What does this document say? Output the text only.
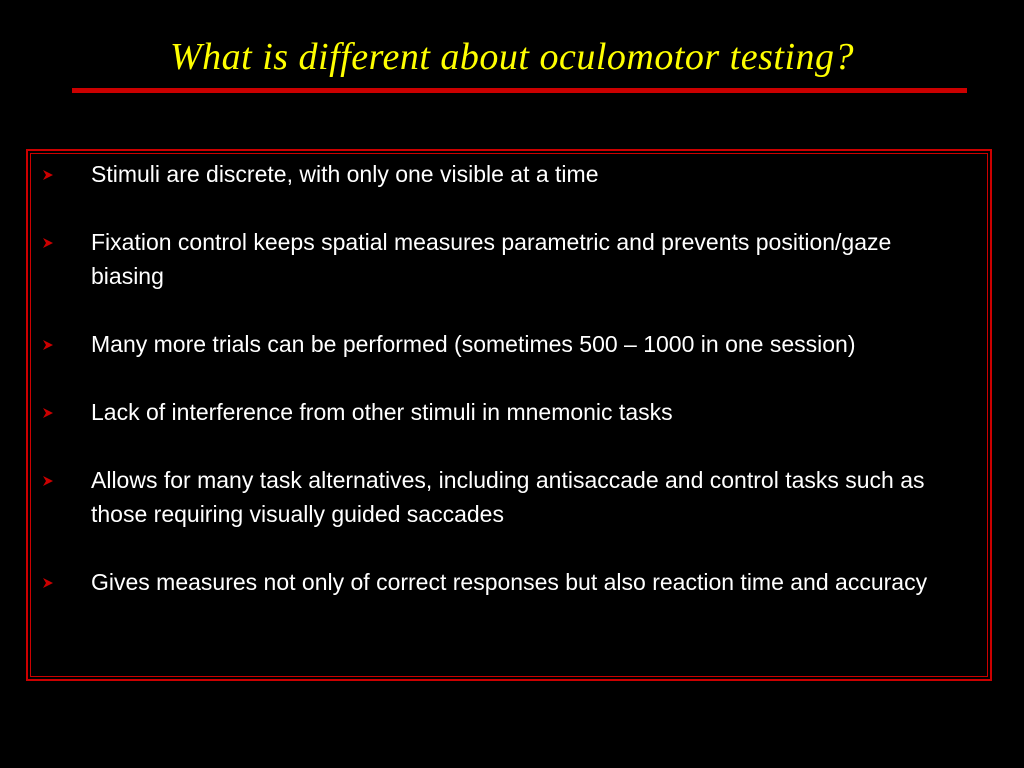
What is different about oculomotor testing?
Stimuli are discrete, with only one visible at a time
Fixation control keeps spatial measures parametric and prevents position/gaze biasing
Many more trials can be performed (sometimes 500 – 1000 in one session)
Lack of interference from other stimuli in mnemonic tasks
Allows for many task alternatives, including antisaccade and control tasks such as those requiring visually guided saccades
Gives measures not only of correct responses but also reaction time and accuracy
